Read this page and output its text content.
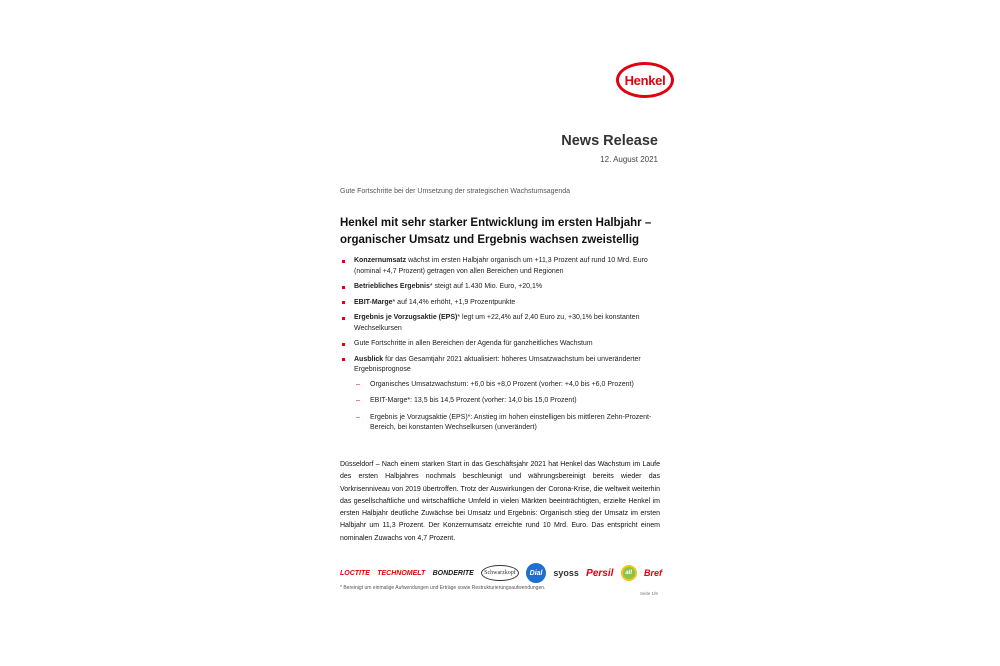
Henkel
News Release
12. August 2021
Gute Fortschritte bei der Umsetzung der strategischen Wachstumsagenda
Henkel mit sehr starker Entwicklung im ersten Halbjahr – organischer Umsatz und Ergebnis wachsen zweistellig
Konzernumsatz wächst im ersten Halbjahr organisch um +11,3 Prozent auf rund 10 Mrd. Euro (nominal +4,7 Prozent) getragen von allen Bereichen und Regionen
Betriebliches Ergebnis* steigt auf 1.430 Mio. Euro, +20,1%
EBIT-Marge* auf 14,4% erhöht, +1,9 Prozentpunkte
Ergebnis je Vorzugsaktie (EPS)* legt um +22,4% auf 2,40 Euro zu, +30,1% bei konstanten Wechselkursen
Gute Fortschritte in allen Bereichen der Agenda für ganzheitliches Wachstum
Ausblick für das Gesamtjahr 2021 aktualisiert: höheres Umsatzwachstum bei unveränderter Ergebnisprognose
– Organisches Umsatzwachstum: +6,0 bis +8,0 Prozent (vorher: +4,0 bis +6,0 Prozent)
– EBIT-Marge*: 13,5 bis 14,5 Prozent (vorher: 14,0 bis 15,0 Prozent)
– Ergebnis je Vorzugsaktie (EPS)*: Anstieg im hohen einstelligen bis mittleren Zehn-Prozent-Bereich, bei konstanten Wechselkursen (unverändert)
Düsseldorf – Nach einem starken Start in das Geschäftsjahr 2021 hat Henkel das Wachstum im Laufe des ersten Halbjahres nochmals beschleunigt und währungsbereinigt bereits wieder das Vorkrisenniveau von 2019 übertroffen. Trotz der Auswirkungen der Corona-Krise, die weltweit weiterhin das gesellschaftliche und wirtschaftliche Umfeld in vielen Märkten beeinträchtigten, erzielte Henkel im ersten Halbjahr deutliche Zuwächse bei Umsatz und Ergebnis: Organisch stieg der Umsatz im ersten Halbjahr um 11,3 Prozent. Der Konzernumsatz erreichte rund 10 Mrd. Euro. Das entspricht einem nominalen Zuwachs von 4,7 Prozent.
LOCTITE TECHNOMELT BONDERITE	Schwarzkopf	Dial	syoss Persil	all	Bref
* Bereinigt um einmalige Aufwendungen und Erträge sowie Restrukturierungsaufwendungen.
Seite 1/9
